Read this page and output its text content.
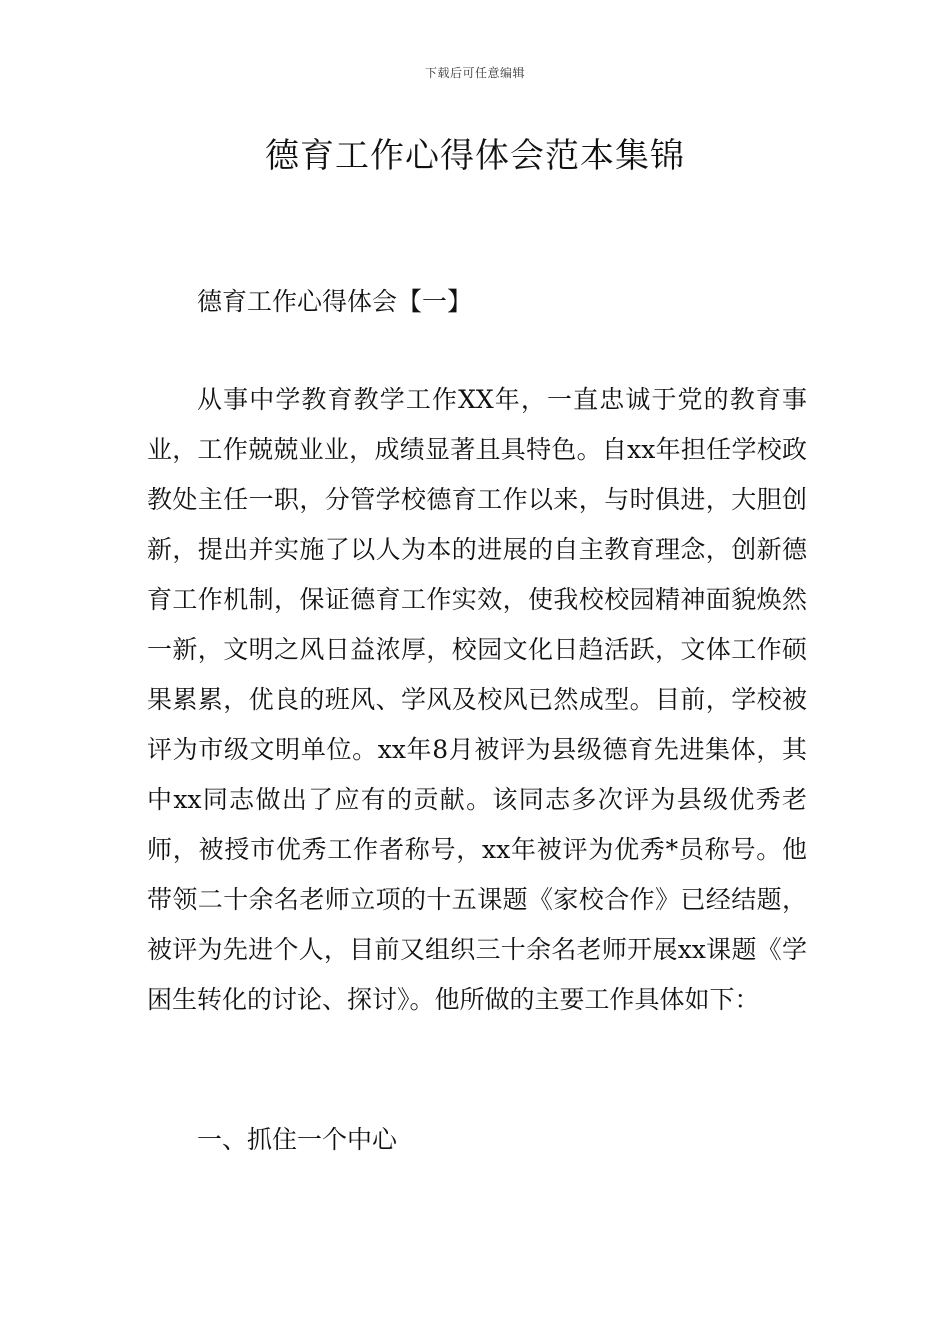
下载后可任意编辑
德育工作心得体会范本集锦
德育工作心得体会【一】

从事中学教育教学工作XX年，一直忠诚于党的教育事业，工作兢兢业业，成绩显著且具特色。自xx年担任学校政教处主任一职，分管学校德育工作以来，与时俱进，大胆创新，提出并实施了以人为本的进展的自主教育理念，创新德育工作机制，保证德育工作实效，使我校校园精神面貌焕然一新，文明之风日益浓厚，校园文化日趋活跃，文体工作硕果累累，优良的班风、学风及校风已然成型。目前，学校被评为市级文明单位。xx年8月被评为县级德育先进集体，其中xx同志做出了应有的贡献。该同志多次评为县级优秀老师，被授市优秀工作者称号，xx年被评为优秀*员称号。他带领二十余名老师立项的十五课题《家校合作》已经结题，被评为先进个人，目前又组织三十余名老师开展xx课题《学困生转化的讨论、探讨》。他所做的主要工作具体如下：

一、抓住一个中心
